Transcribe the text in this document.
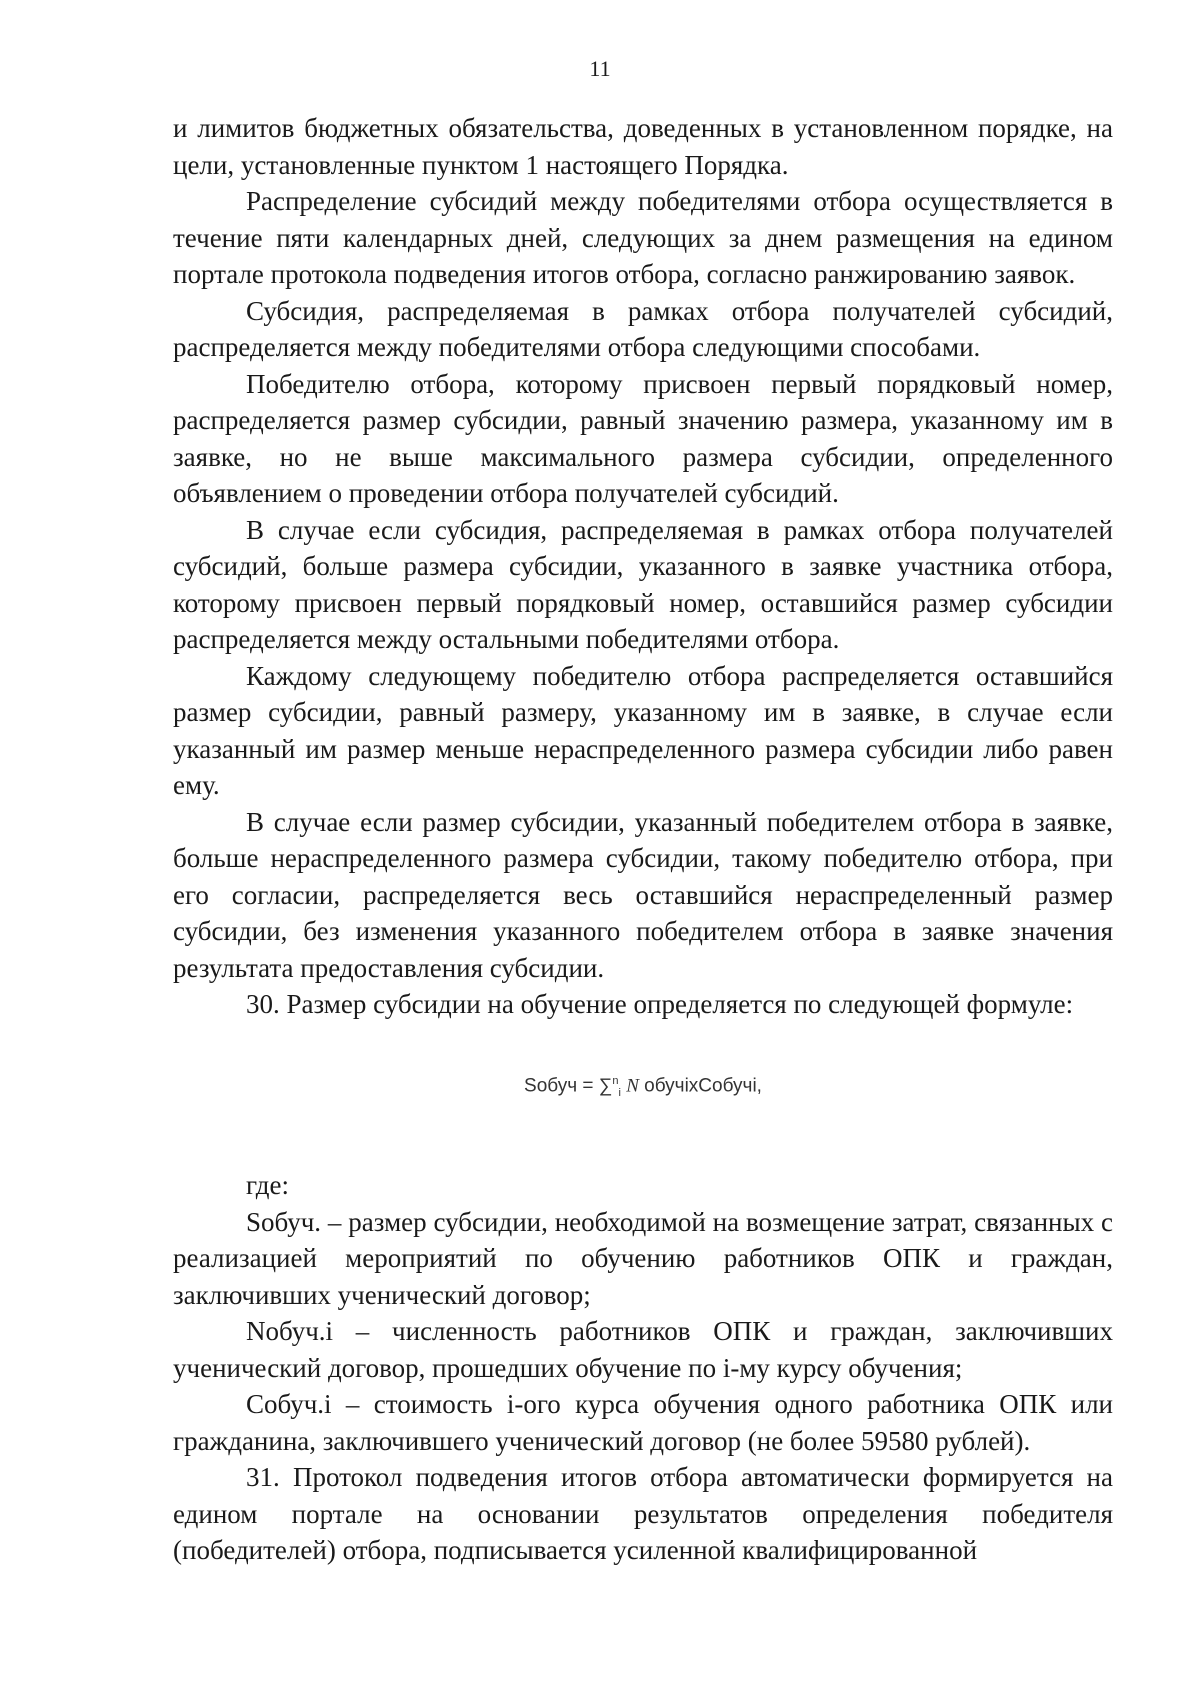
11

и лимитов бюджетных обязательства, доведенных в установленном порядке, на цели, установленные пунктом 1 настоящего Порядка.

Распределение субсидий между победителями отбора осуществляется в течение пяти календарных дней, следующих за днем размещения на едином портале протокола подведения итогов отбора, согласно ранжированию заявок.

Субсидия, распределяемая в рамках отбора получателей субсидий, распределяется между победителями отбора следующими способами.

Победителю отбора, которому присвоен первый порядковый номер, распределяется размер субсидии, равный значению размера, указанному им в заявке, но не выше максимального размера субсидии, определенного объявлением о проведении отбора получателей субсидий.

В случае если субсидия, распределяемая в рамках отбора получателей субсидий, больше размера субсидии, указанного в заявке участника отбора, которому присвоен первый порядковый номер, оставшийся размер субсидии распределяется между остальными победителями отбора.

Каждому следующему победителю отбора распределяется оставшийся размер субсидии, равный размеру, указанному им в заявке, в случае если указанный им размер меньше нераспределенного размера субсидии либо равен ему.

В случае если размер субсидии, указанный победителем отбора в заявке, больше нераспределенного размера субсидии, такому победителю отбора, при его согласии, распределяется весь оставшийся нераспределенный размер субсидии, без изменения указанного победителем отбора в заявке значения результата предоставления субсидии.

30. Размер субсидии на обучение определяется по следующей формуле:

Sобуч = ∑$^n_i$ N обучiхCобучi,

где:

Sобуч. – размер субсидии, необходимой на возмещение затрат, связанных с реализацией мероприятий по обучению работников ОПК и граждан, заключивших ученический договор;

Nобуч.i – численность работников ОПК и граждан, заключивших ученический договор, прошедших обучение по i-му курсу обучения;

Cобуч.i – стоимость i-ого курса обучения одного работника ОПК или гражданина, заключившего ученический договор (не более 59580 рублей).

31. Протокол подведения итогов отбора автоматически формируется на едином портале на основании результатов определения победителя (победителей) отбора, подписывается усиленной квалифицированной
